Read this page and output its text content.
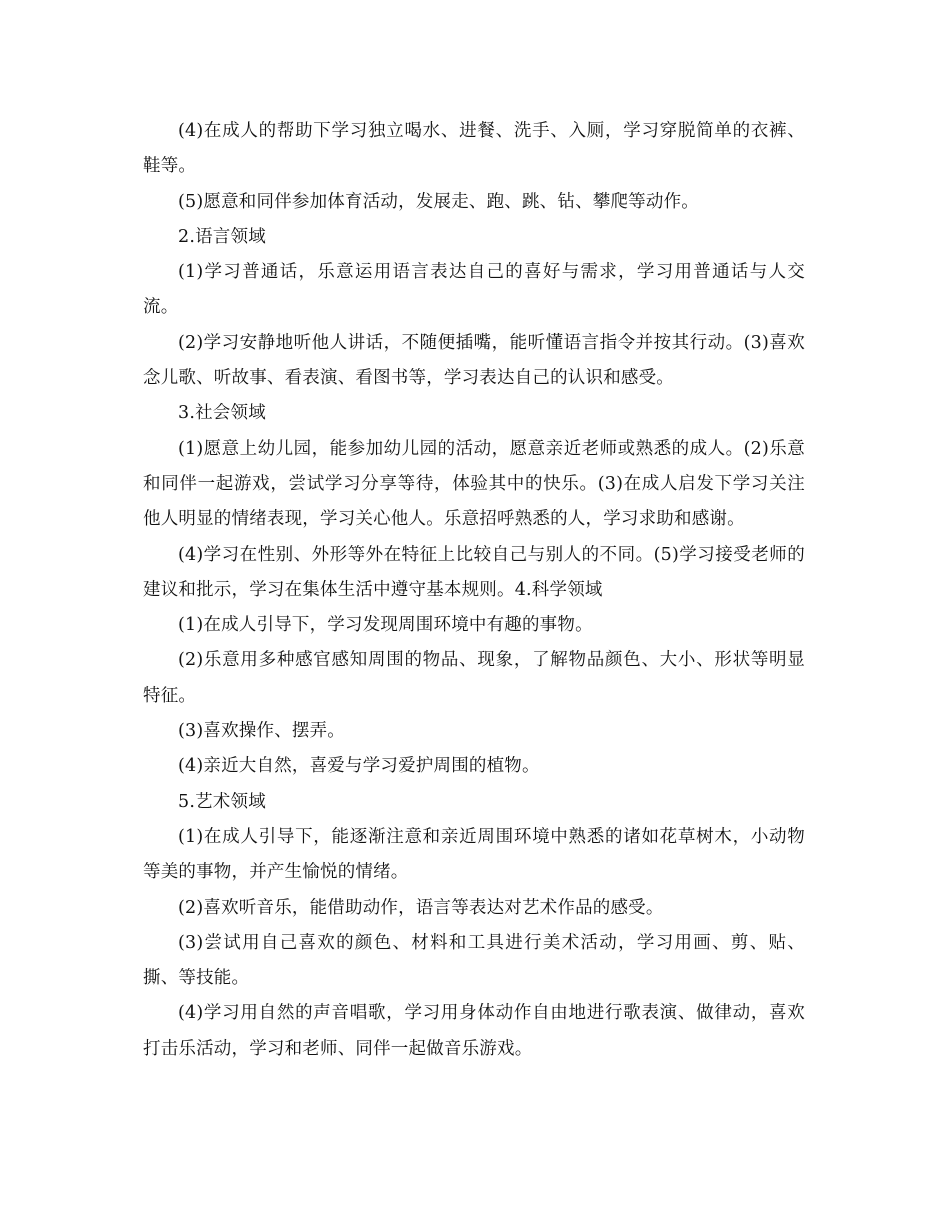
(4)在成人的帮助下学习独立喝水、进餐、洗手、入厕，学习穿脱简单的衣裤、鞋等。

(5)愿意和同伴参加体育活动，发展走、跑、跳、钻、攀爬等动作。

2.语言领域

(1)学习普通话，乐意运用语言表达自己的喜好与需求，学习用普通话与人交流。

(2)学习安静地听他人讲话，不随便插嘴，能听懂语言指令并按其行动。(3)喜欢念儿歌、听故事、看表演、看图书等，学习表达自己的认识和感受。

3.社会领域

(1)愿意上幼儿园，能参加幼儿园的活动，愿意亲近老师或熟悉的成人。(2)乐意和同伴一起游戏，尝试学习分享等待，体验其中的快乐。(3)在成人启发下学习关注他人明显的情绪表现，学习关心他人。乐意招呼熟悉的人，学习求助和感谢。

(4)学习在性别、外形等外在特征上比较自己与别人的不同。(5)学习接受老师的建议和批示，学习在集体生活中遵守基本规则。4.科学领域

(1)在成人引导下，学习发现周围环境中有趣的事物。

(2)乐意用多种感官感知周围的物品、现象，了解物品颜色、大小、形状等明显特征。

(3)喜欢操作、摆弄。

(4)亲近大自然，喜爱与学习爱护周围的植物。

5.艺术领域

(1)在成人引导下，能逐渐注意和亲近周围环境中熟悉的诸如花草树木，小动物等美的事物，并产生愉悦的情绪。

(2)喜欢听音乐，能借助动作，语言等表达对艺术作品的感受。

(3)尝试用自己喜欢的颜色、材料和工具进行美术活动，学习用画、剪、贴、撕、等技能。

(4)学习用自然的声音唱歌，学习用身体动作自由地进行歌表演、做律动，喜欢打击乐活动，学习和老师、同伴一起做音乐游戏。
